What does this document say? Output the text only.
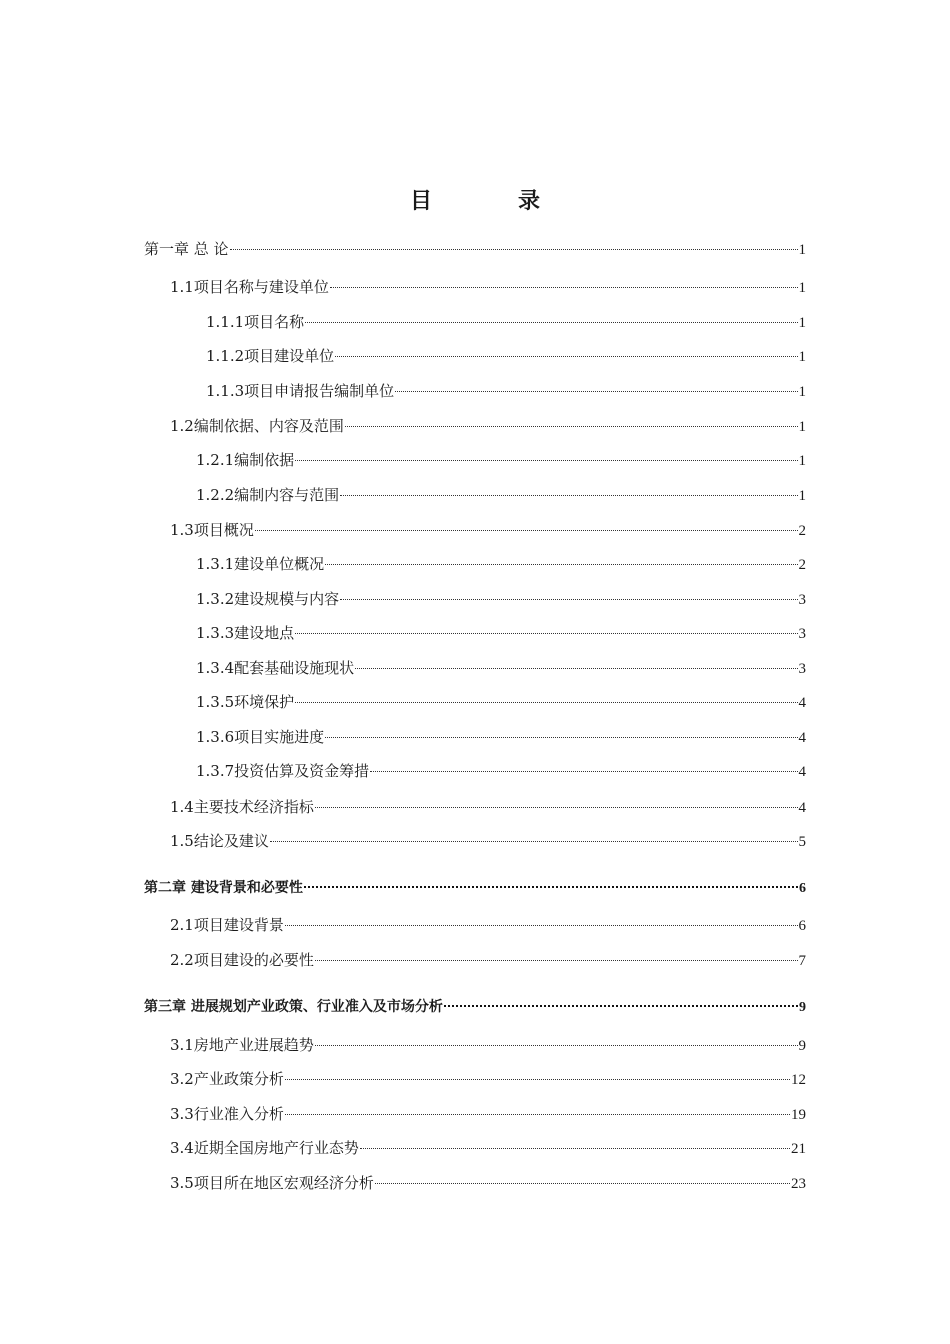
目　录
第一章 总 论	1
1.1项目名称与建设单位	1
1.1.1项目名称	1
1.1.2项目建设单位	1
1.1.3项目申请报告编制单位	1
1.2编制依据、内容及范围	1
1.2.1编制依据	1
1.2.2编制内容与范围	1
1.3项目概况	2
1.3.1建设单位概况	2
1.3.2建设规模与内容	3
1.3.3建设地点	3
1.3.4配套基础设施现状	3
1.3.5环境保护	4
1.3.6项目实施进度	4
1.3.7投资估算及资金筹措	4
1.4主要技术经济指标	4
1.5结论及建议	5
第二章 建设背景和必要性	6
2.1项目建设背景	6
2.2项目建设的必要性	7
第三章 进展规划产业政策、行业准入及市场分析	9
3.1房地产业进展趋势	9
3.2产业政策分析	12
3.3行业准入分析	19
3.4近期全国房地产行业态势	21
3.5项目所在地区宏观经济分析	23
